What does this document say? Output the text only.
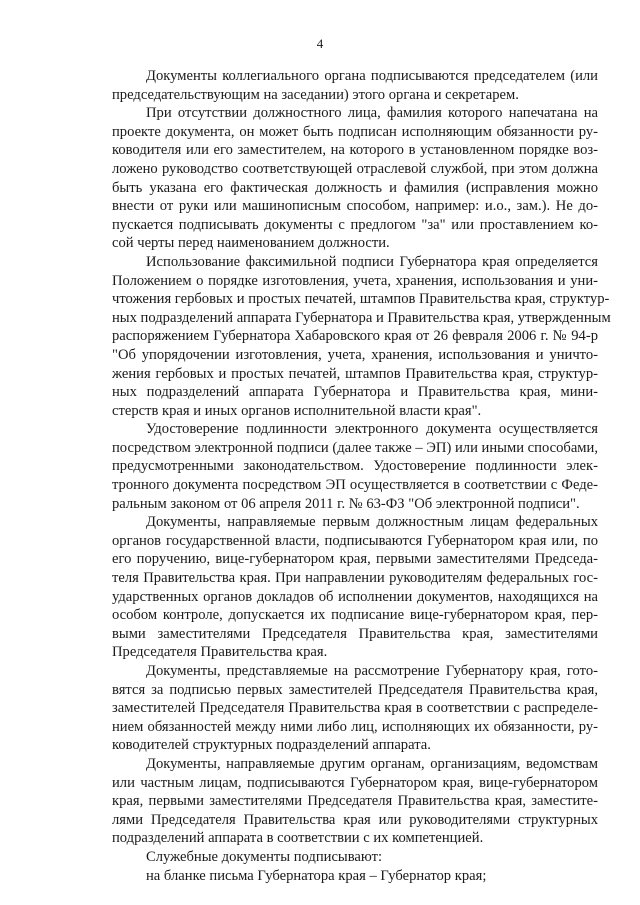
4
Документы коллегиального органа подписываются председателем (или
председательствующим на заседании) этого органа и секретарем.
При отсутствии должностного лица, фамилия которого напечатана на
проекте документа, он может быть подписан исполняющим обязанности ру-
ководителя или его заместителем, на которого в установленном порядке воз-
ложено руководство соответствующей отраслевой службой, при этом должна
быть указана его фактическая должность и фамилия (исправления можно
внести от руки или машинописным способом, например: и.о., зам.). Не до-
пускается подписывать документы с предлогом "за" или проставлением ко-
сой черты перед наименованием должности.
Использование факсимильной подписи Губернатора края определяется
Положением о порядке изготовления, учета, хранения, использования и уни-
чтожения гербовых и простых печатей, штампов Правительства края, структур-
ных подразделений аппарата Губернатора и Правительства края, утвержденным
распоряжением Губернатора Хабаровского края от 26 февраля 2006 г. № 94-р
"Об упорядочении изготовления, учета, хранения, использования и уничто-
жения гербовых и простых печатей, штампов Правительства края, структур-
ных подразделений аппарата Губернатора и Правительства края, мини-
стерств края и иных органов исполнительной власти края".
Удостоверение подлинности электронного документа осуществляется
посредством электронной подписи (далее также – ЭП) или иными способами,
предусмотренными законодательством. Удостоверение подлинности элек-
тронного документа посредством ЭП осуществляется в соответствии с Феде-
ральным законом от 06 апреля 2011 г. № 63-ФЗ "Об электронной подписи".
Документы, направляемые первым должностным лицам федеральных
органов государственной власти, подписываются Губернатором края или, по
его поручению, вице-губернатором края, первыми заместителями Председа-
теля Правительства края. При направлении руководителям федеральных гос-
ударственных органов докладов об исполнении документов, находящихся на
особом контроле, допускается их подписание вице-губернатором края, пер-
выми заместителями Председателя Правительства края, заместителями
Председателя Правительства края.
Документы, представляемые на рассмотрение Губернатору края, гото-
вятся за подписью первых заместителей Председателя Правительства края,
заместителей Председателя Правительства края в соответствии с распределе-
нием обязанностей между ними либо лиц, исполняющих их обязанности, ру-
ководителей структурных подразделений аппарата.
Документы, направляемые другим органам, организациям, ведомствам
или частным лицам, подписываются Губернатором края, вице-губернатором
края, первыми заместителями Председателя Правительства края, заместите-
лями Председателя Правительства края или руководителями структурных
подразделений аппарата в соответствии с их компетенцией.
Служебные документы подписывают:
на бланке письма Губернатора края – Губернатор края;
